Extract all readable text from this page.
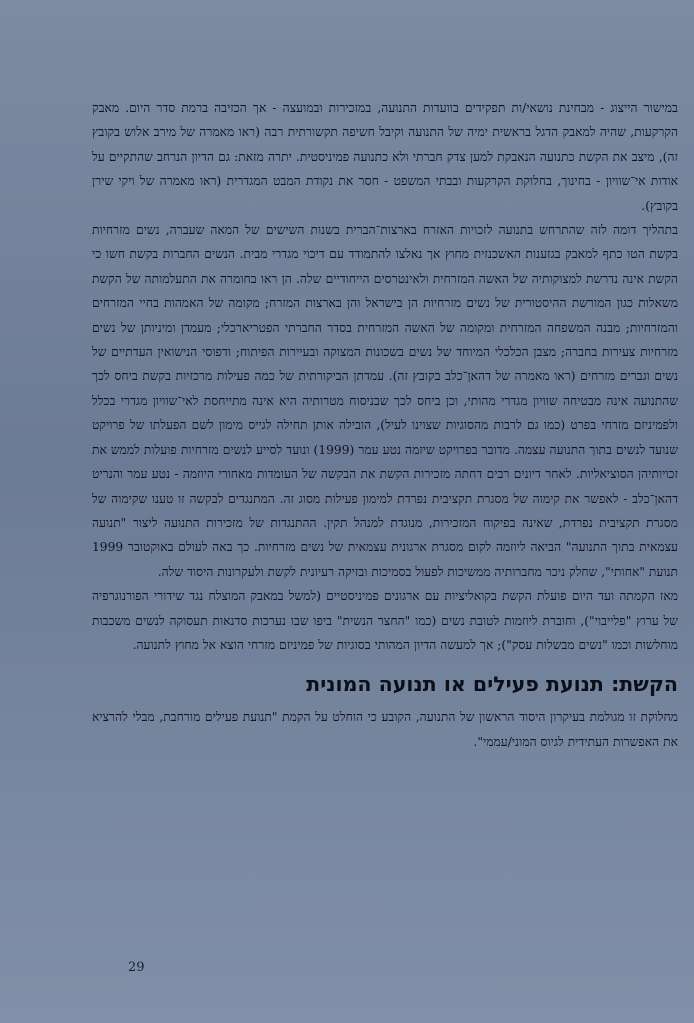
במישור הייצוג - מבחינת נושאי/ות תפקידים בוועדות התנועה, במזכירות ובמועצה - אך הכזיבה ברמת סדר היום. מאבק הקרקעות, שהיה למאבק הדגל בראשית ימיה של התנועה וקיבל חשיפה תקשורתית רבה (ראו מאמרה של מירב אלוש בקובץ זה), מיצב את הקשת כתנועה הנאבקת למען צדק חברתי ולא כתנועה פמיניסטית. יתרה מזאת: גם הדיון הנרחב שהתקיים על אודות אי־שוויון - בחינוך, בחלוקת הקרקעות ובבתי המשפט - חסר את נקודת המבט המגדרית (ראו מאמרה של ויקי שירן בקובץ).

בתהליך דומה לזה שהתרחש בתנועה לזכויות האזרח בארצות־הברית בשנות השישים של המאה שעברה, נשים מזרחיות בקשת הטו כתף למאבק בגזענות האשכנזית מחוץ אך נאלצו להתמודד עם דיכוי מגדרי מבית. הנשים החברות בקשת חשו כי הקשת אינה נדרשת למצוקותיה של האשה המזרחית ולאינטרסים הייחודיים שלה. הן ראו בחומרה את התעלמותה של הקשת משאלות כגון המורשת ההיסטורית של נשים מזרחיות הן בישראל והן בארצות המזרח; מקומה של האמהות בחיי המזרחים והמזרחיות; מבנה המשפחה המזרחית ומקומה של האשה המזרחית בסדר החברתי הפטריארכלי; מעמדן ומיניותן של נשים מזרחיות צעירות בחברה; מצבן הכלכלי המיוחד של נשים בשכונות המצוקה ובעיירות הפיתוח; ודפוסי הנישואין העדתיים של נשים וגברים מזרחים (ראו מאמרה של דהאן־כלב בקובץ זה). עמדתן הביקורתית של כמה פעילות מרכזיות בקשת ביחס לכך שהתנועה אינה מבטיחה שוויון מגדרי מהותי, וכן ביחס לכך שבניסוח מטרותיה היא אינה מתייחסת לאי־שוויון מגדרי בכלל ולפמיניזם מזרחי בפרט (כמו גם לרבות מהסוגיות שצוינו לעיל), הובילה אותן תחילה לגייס מימון לשם הפעלתו של פרויקט שנועד לנשים בתוך התנועה עצמה. מדובר בפרויקט שיזמה נטע עמר (1999) ונועד לסייע לנשים מזרחיות פועלות לממש את זכויותיהן הסוציאליות. לאחר דיונים רבים דחתה מזכירות הקשת את הבקשה של העומדות מאחורי היוזמה - נטע עמר והנריט דהאן־כלב - לאפשר את קימוה של מסגרת תקציבית נפרדת למימון פעילות מסוג זה. המתנגדים לבקשה זו טענו שקימוה של מסגרת תקציבית נפרדת, שאינה בפיקוח המזכירות, מנוגדת למנהל תקין. ההתנגדות של מזכירות התנועה ליצור "תנועה עצמאית בתוך התנועה" הביאה ליוזמה לקום מסגרת ארגונית עצמאית של נשים מזרחיות. כך באה לעולם באוקטובר 1999 תנועת "אחותי", שחלק ניכר מחברותיה ממשיכות לפעול בסמיכות ובזיקה רעיונית לקשת ולעקרונות היסוד שלה.

מאז הקמתה ועד היום פועלת הקשת בקואליציות עם ארגונים פמיניסטיים (למשל במאבק המוצלח נגד שידורי הפורנוגרפיה של ערוץ "פלייבוי"), וחוברת ליוזמות לטובת נשים (כמו "החצר הנשית" ביפו שבו נערכות סדנאות תעסוקה לנשים משכבות מוחלשות וכמו "נשים מבשלות עסק"); אך למעשה הדיון המהותי בסוגיות של פמיניזם מזרחי הוצא אל מחוץ לתנועה.

הקשת: תנועת פעילים או תנועה המונית

מחלוקת זו מגולמת בעיקרון היסוד הראשון של התנועה, הקובע כי הוחלט על הקמת "תנועת פעילים מורחבת, מבלי להרציא את האפשרות העתידית לגיוס המוני/עממי".

29
